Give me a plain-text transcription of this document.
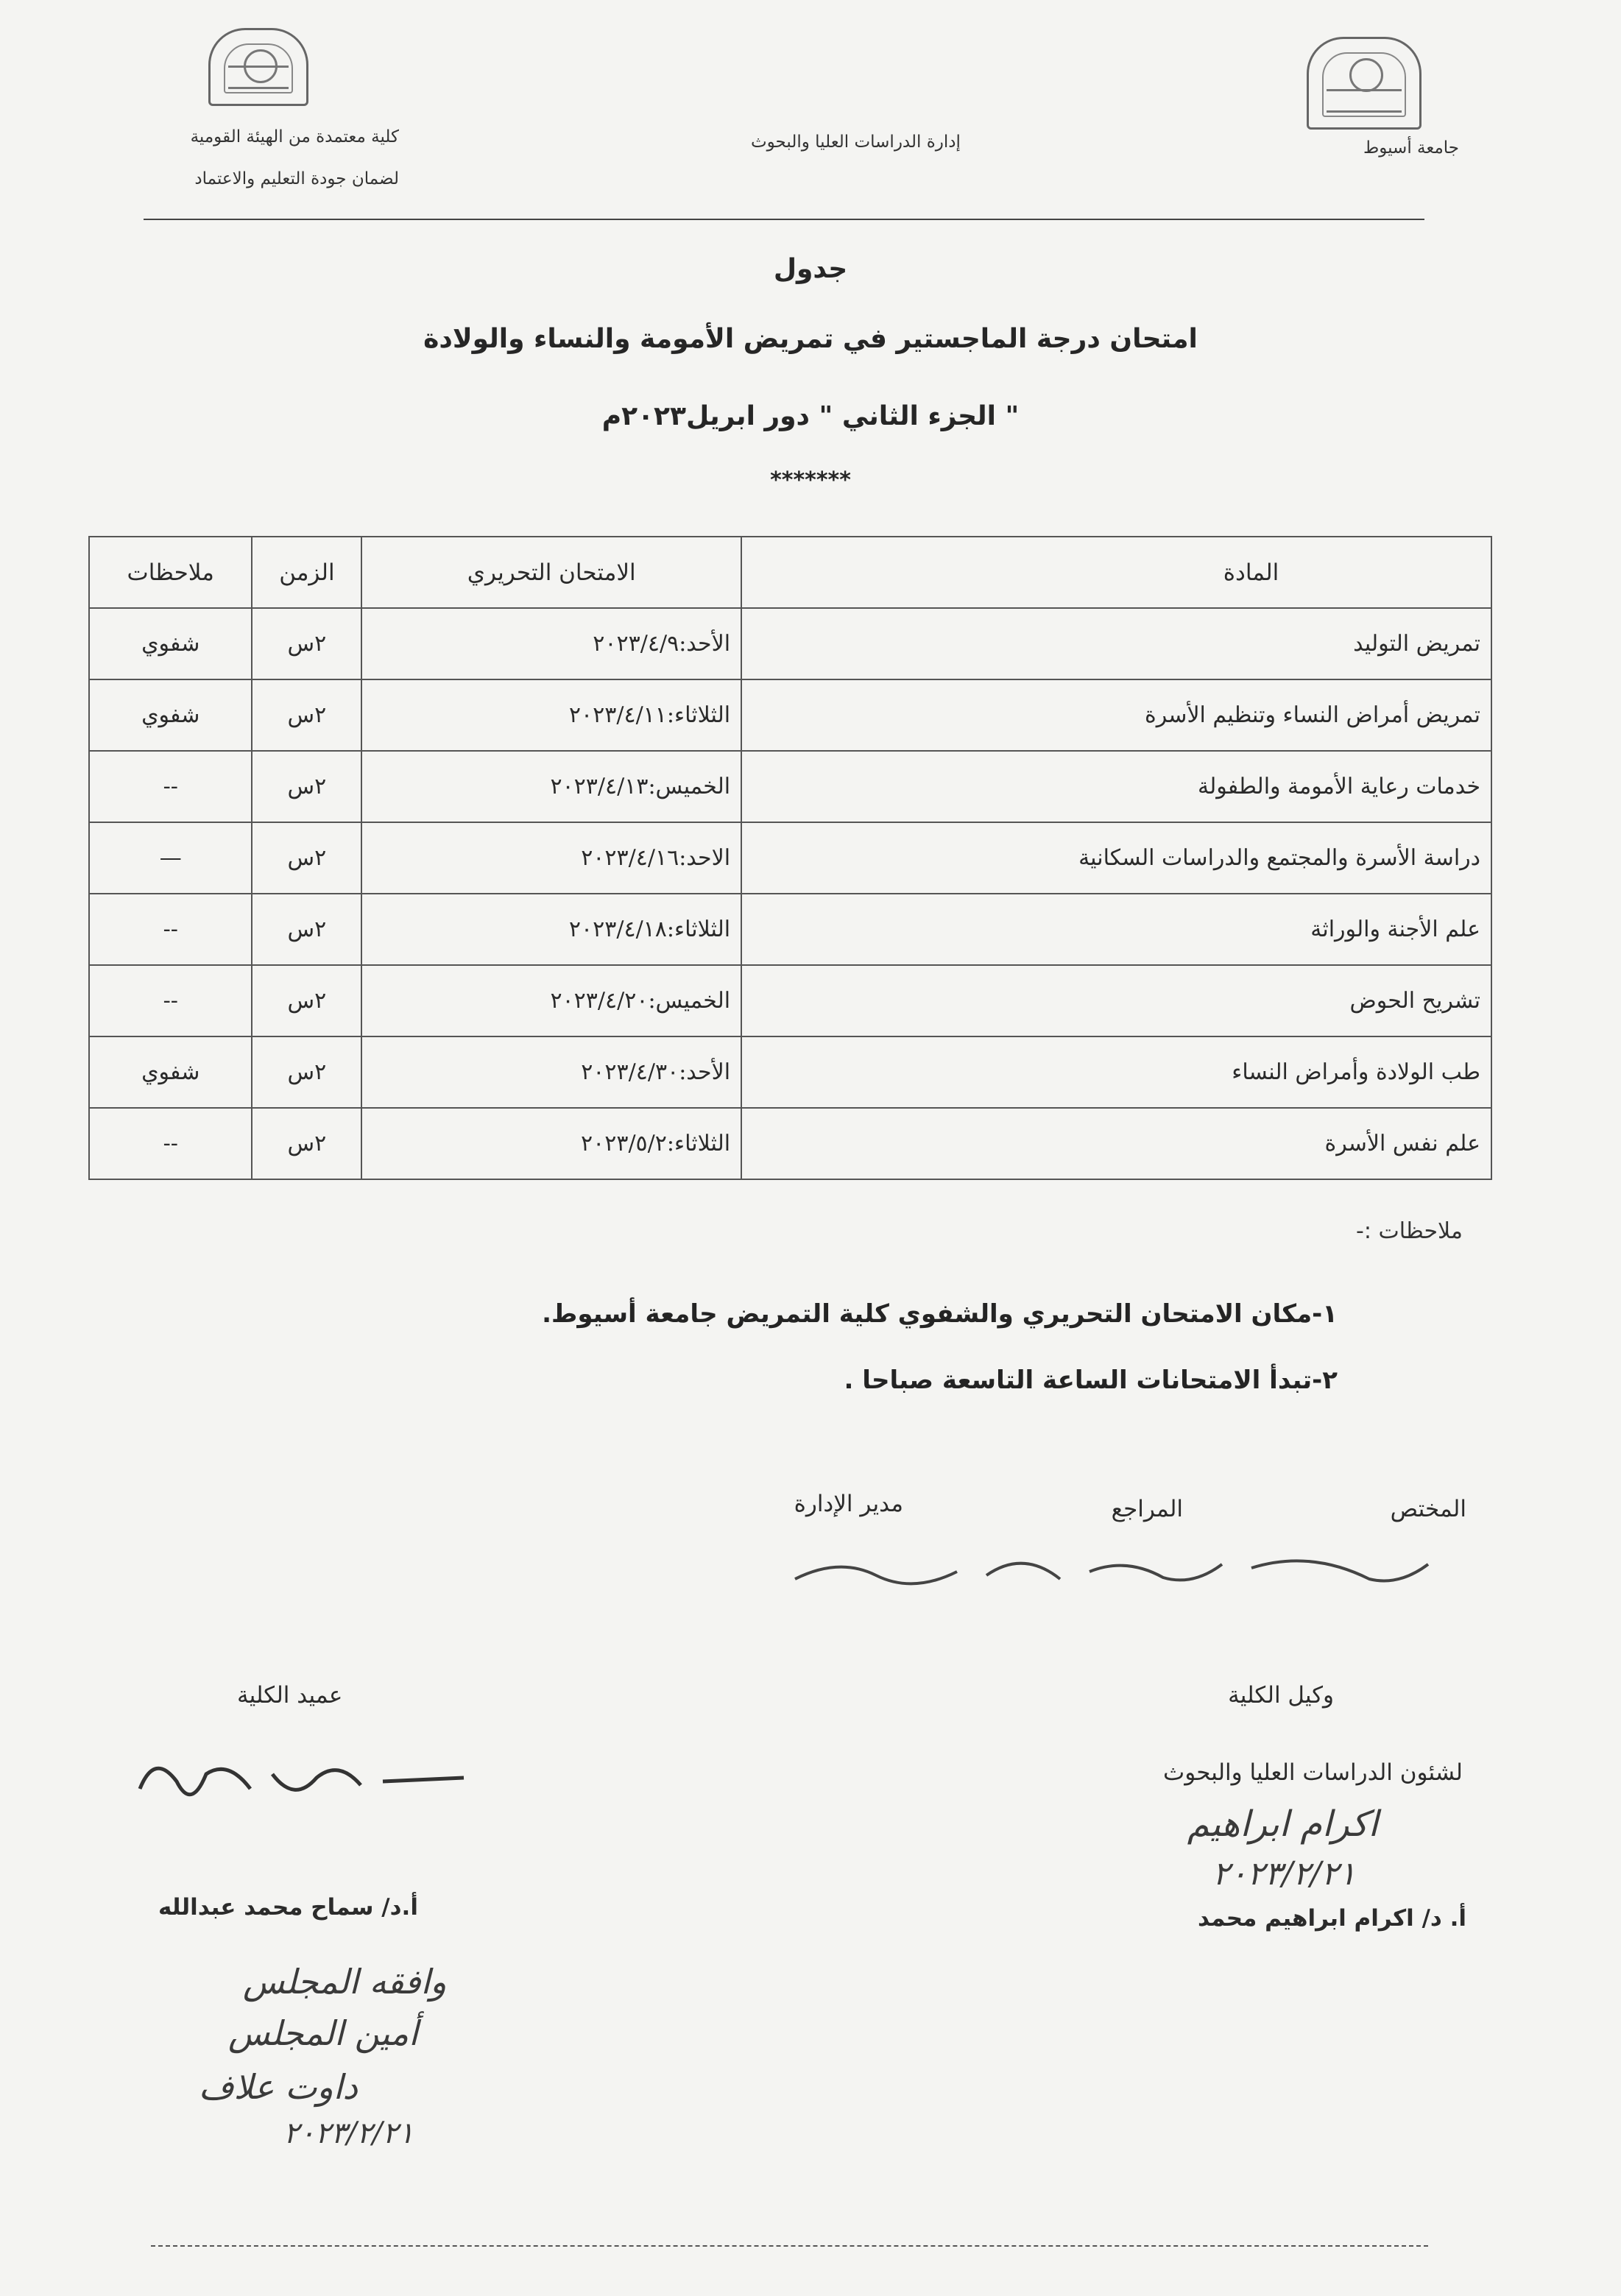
جامعة أسيوط
إدارة الدراسات العليا والبحوث
كلية معتمدة من الهيئة القومية
لضمان جودة التعليم والاعتماد
جدول
امتحان درجة الماجستير في تمريض الأمومة والنساء والولادة
" الجزء الثاني " دور ابريل٢٠٢٣م
*******
المادة	الامتحان التحريري	الزمن	ملاحظات
تمريض التوليد	الأحد:٢٠٢٣/٤/٩	٢س	شفوي
تمريض أمراض النساء وتنظيم الأسرة	الثلاثاء:٢٠٢٣/٤/١١	٢س	شفوي
خدمات رعاية الأمومة والطفولة	الخميس:٢٠٢٣/٤/١٣	٢س	--
دراسة الأسرة والمجتمع والدراسات السكانية	الاحد:٢٠٢٣/٤/١٦	٢س	—
علم الأجنة والوراثة	الثلاثاء:٢٠٢٣/٤/١٨	٢س	--
تشريح الحوض	الخميس:٢٠٢٣/٤/٢٠	٢س	--
طب الولادة وأمراض النساء	الأحد:٢٠٢٣/٤/٣٠	٢س	شفوي
علم نفس الأسرة	الثلاثاء:٢٠٢٣/٥/٢	٢س	--
ملاحظات :-
١-مكان الامتحان التحريري والشفوي كلية التمريض جامعة أسيوط.
٢-تبدأ الامتحانات الساعة التاسعة صباحا .
المختص
المراجع
مدير الإدارة
وكيل الكلية
لشئون الدراسات العليا والبحوث
اكرام ابراهيم
٢٠٢٣/٢/٢١
أ. د/ اكرام ابراهيم محمد
عميد الكلية
أ.د/ سماح محمد عبدالله
وافقه المجلس
أمين المجلس
داوت علاف
٢٠٢٣/٢/٢١
